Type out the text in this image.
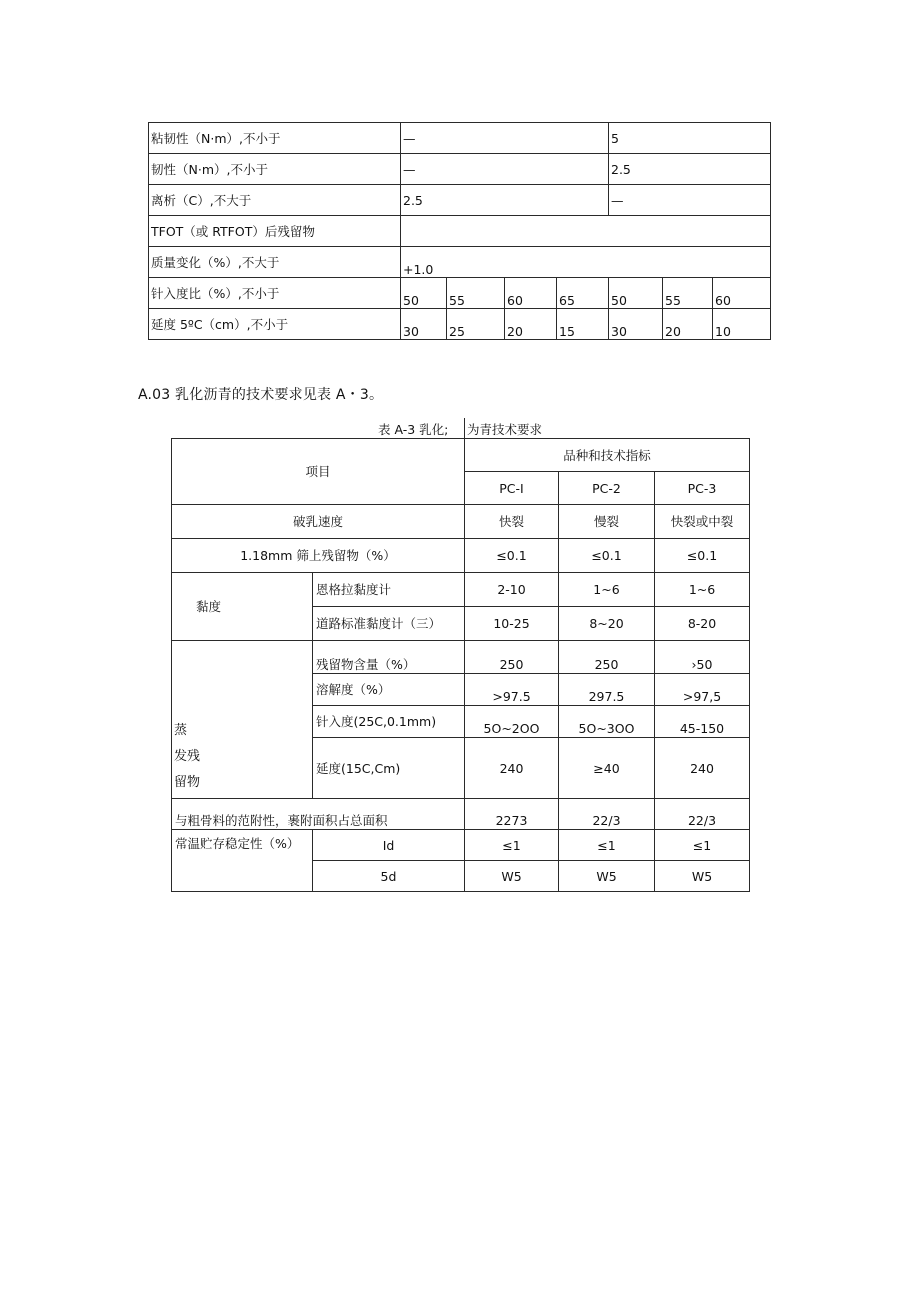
粘韧性（N·m）,不小于	—				5		
韧性（N·m）,不小于	—				2.5		
离析（C）,不大于	2.5				—		
TFOT（或 RTFOT）后残留物							
质量变化（%）,不大于	+1.0						
针入度比（%）,不小于	50	55	60	65	50	55	60
延度 5ºC（cm）,不小于	30	25	20	15	30	20	10
A.03 乳化沥青的技术要求见表 A・3。
表 A-3 乳化; 为青技术要求
项目		品种和技术指标		
		PC-I	PC-2	PC-3
破乳速度		快裂	慢裂	快裂或中裂
1.18mm 筛上残留物（%）		≤0.1	≤0.1	≤0.1
黏度	恩格拉黏度计	2-10	1~6	1~6
	道路标准黏度计（三）	10-25	8~20	8-20

蒸
发残
留物	残留物含量（%）	250	250	›50
	溶解度（%）	>97.5	297.5	>97,5
	针入度(25C,0.1mm)	5O~2OO	5O~3OO	45-150
	延度(15C,Cm)	240	≥40	240
与粗骨料的范附性，裹附面积占总面积		2273	22/3	22/3
常温贮存稳定性（%）	Id	≤1	≤1	≤1
	5d	W5	W5	W5
